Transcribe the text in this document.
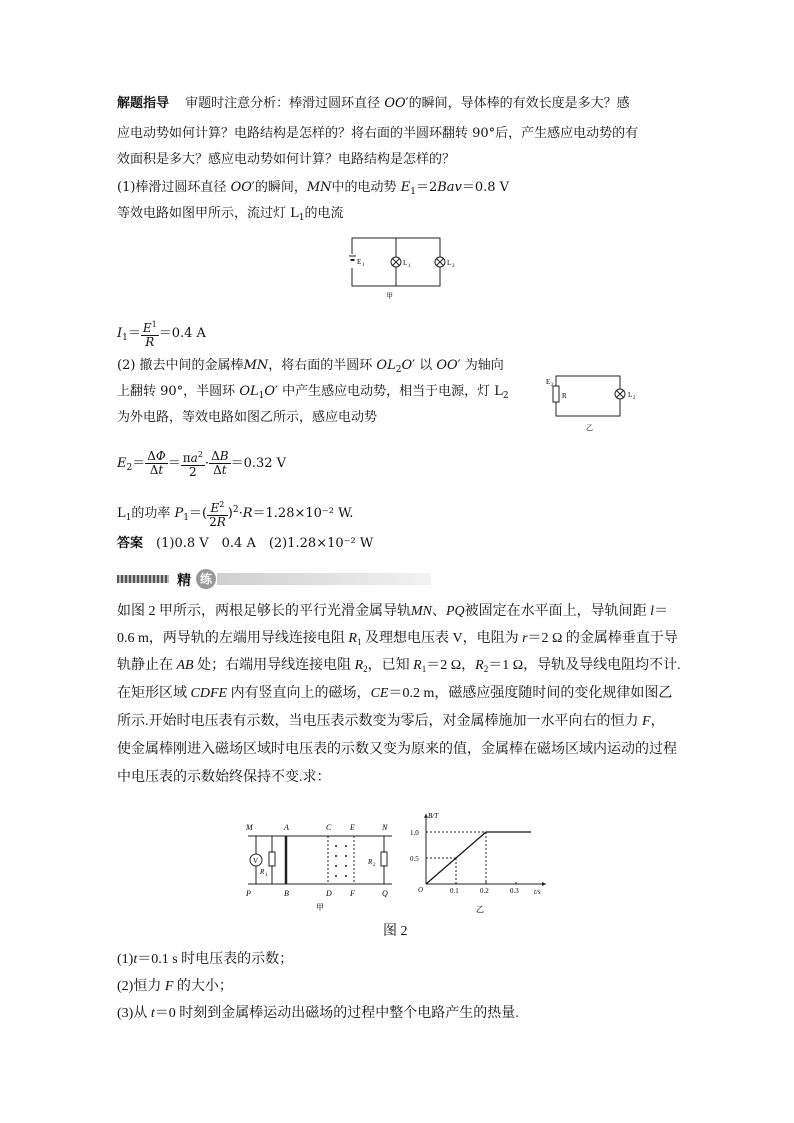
解题指导 审题时注意分析：棒滑过圆环直径 OO′的瞬间，导体棒的有效长度是多大？感
应电动势如何计算？电路结构是怎样的？将右面的半圆环翻转 90°后，产生感应电动势的有
效面积是多大？感应电动势如何计算？电路结构是怎样的？
(1)棒滑过圆环直径 OO′的瞬间，MN中的电动势 $E_1=2Bav=0.8$ V
等效电路如图甲所示，流过灯 $L_1$的电流
E 1	L 1	L 2
甲
$I_1= \frac{E^1}{R} =0.4$ A
(2) 撤去中间的金属棒MN，将右面的半圆环 $OL_2O'$ 以 OO′ 为轴向
上翻转 90°，半圆环 $OL_1O'$ 中产生感应电动势，相当于电源，灯 $L_2$
为外电路，等效电路如图乙所示，感应电动势
E 2
R	L 2
乙
$E_2= \frac{\Delta\Phi}{\Delta t} = \frac{\pi a^2}{2} \cdot \frac{\Delta B}{\Delta t} =0.32$ V
$L_1$的功率 $P_1=( \frac{E^2}{2R} )^2\cdot R=1.28\times 10^{-2}$ W.
答案　 (1)0.8 V　0.4 A　(2)1.28×10⁻² W
精 练
如图 2 甲所示，两根足够长的平行光滑金属导轨MN、PQ被固定在水平面上，导轨间距 l＝
0.6 m，两导轨的左端用导线连接电阻 $R_1$ 及理想电压表 V，电阻为 r＝2 Ω 的金属棒垂直于导
轨静止在 AB 处；右端用导线连接电阻 $R_2$，已知 $R_1=2$ Ω，$R_2=1$ Ω，导轨及导线电阻均不计.
在矩形区域 CDFE 内有竖直向上的磁场，CE＝0.2 m，磁感应强度随时间的变化规律如图乙
所示.开始时电压表有示数，当电压表示数变为零后，对金属棒施加一水平向右的恒力 F，
使金属棒刚进入磁场区域时电压表的示数又变为原来的值，金属棒在磁场区域内运动的过程
中电压表的示数始终保持不变.求：
M	A	C E	N
P	B	D F	Q
V
R 1
R 2
甲
B/T
t/s
O	0.1	0.2	0.3
0.5
1.0
乙
图 2
(1)t＝0.1 s 时电压表的示数；
(2)恒力 F 的大小；
(3)从 t＝0 时刻到金属棒运动出磁场的过程中整个电路产生的热量.
